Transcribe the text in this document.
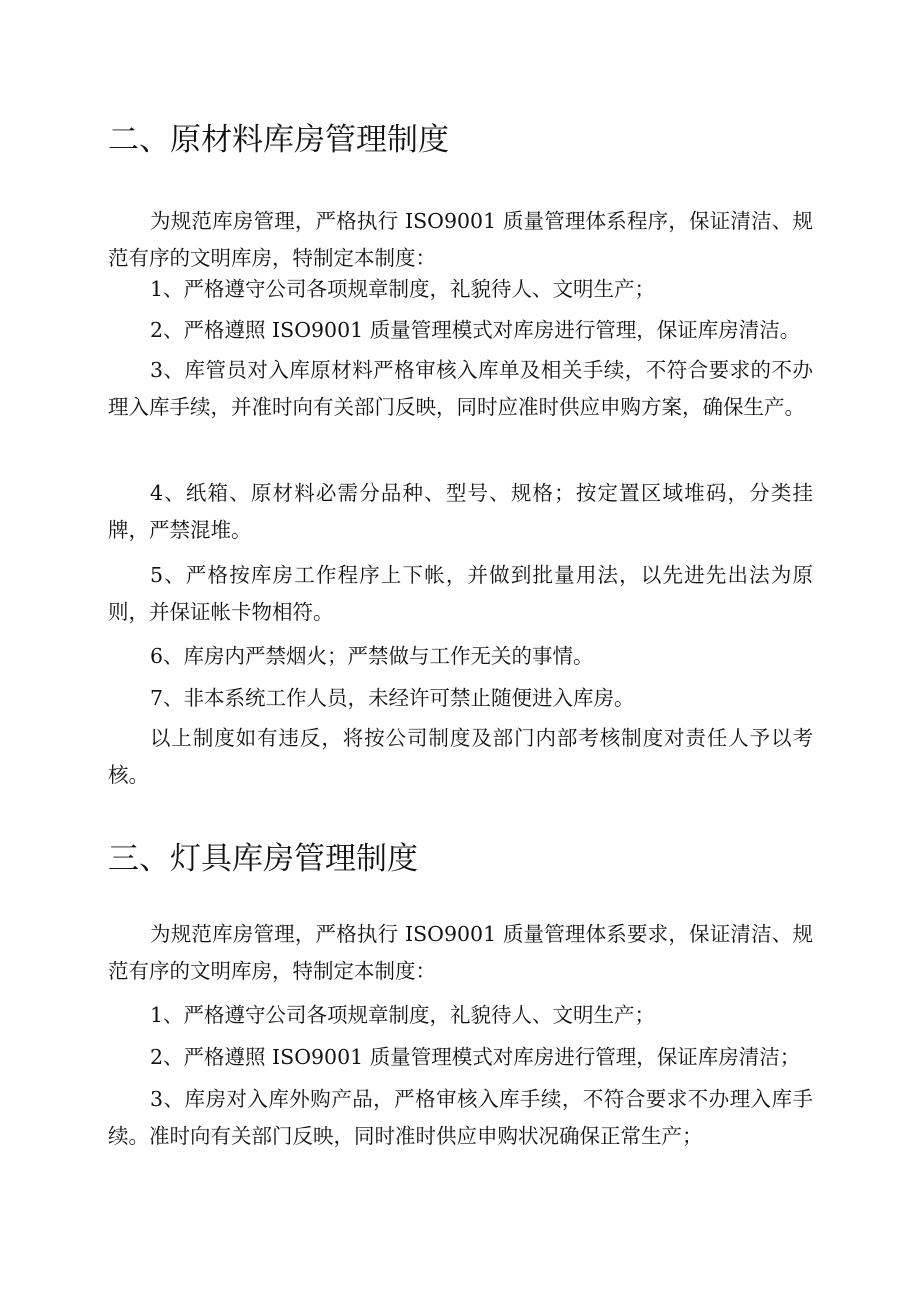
二、原材料库房管理制度

为规范库房管理，严格执行 ISO9001 质量管理体系程序，保证清洁、规范有序的文明库房，特制定本制度：

1、严格遵守公司各项规章制度，礼貌待人、文明生产；

2、严格遵照 ISO9001 质量管理模式对库房进行管理，保证库房清洁。

3、库管员对入库原材料严格审核入库单及相关手续，不符合要求的不办理入库手续，并准时向有关部门反映，同时应准时供应申购方案，确保生产。

4、纸箱、原材料必需分品种、型号、规格；按定置区域堆码，分类挂牌，严禁混堆。

5、严格按库房工作程序上下帐，并做到批量用法，以先进先出法为原则，并保证帐卡物相符。

6、库房内严禁烟火；严禁做与工作无关的事情。

7、非本系统工作人员，未经许可禁止随便进入库房。

以上制度如有违反，将按公司制度及部门内部考核制度对责任人予以考核。

三、灯具库房管理制度

为规范库房管理，严格执行 ISO9001 质量管理体系要求，保证清洁、规范有序的文明库房，特制定本制度：

1、严格遵守公司各项规章制度，礼貌待人、文明生产；

2、严格遵照 ISO9001 质量管理模式对库房进行管理，保证库房清洁；

3、库房对入库外购产品，严格审核入库手续，不符合要求不办理入库手续。准时向有关部门反映，同时准时供应申购状况确保正常生产；
